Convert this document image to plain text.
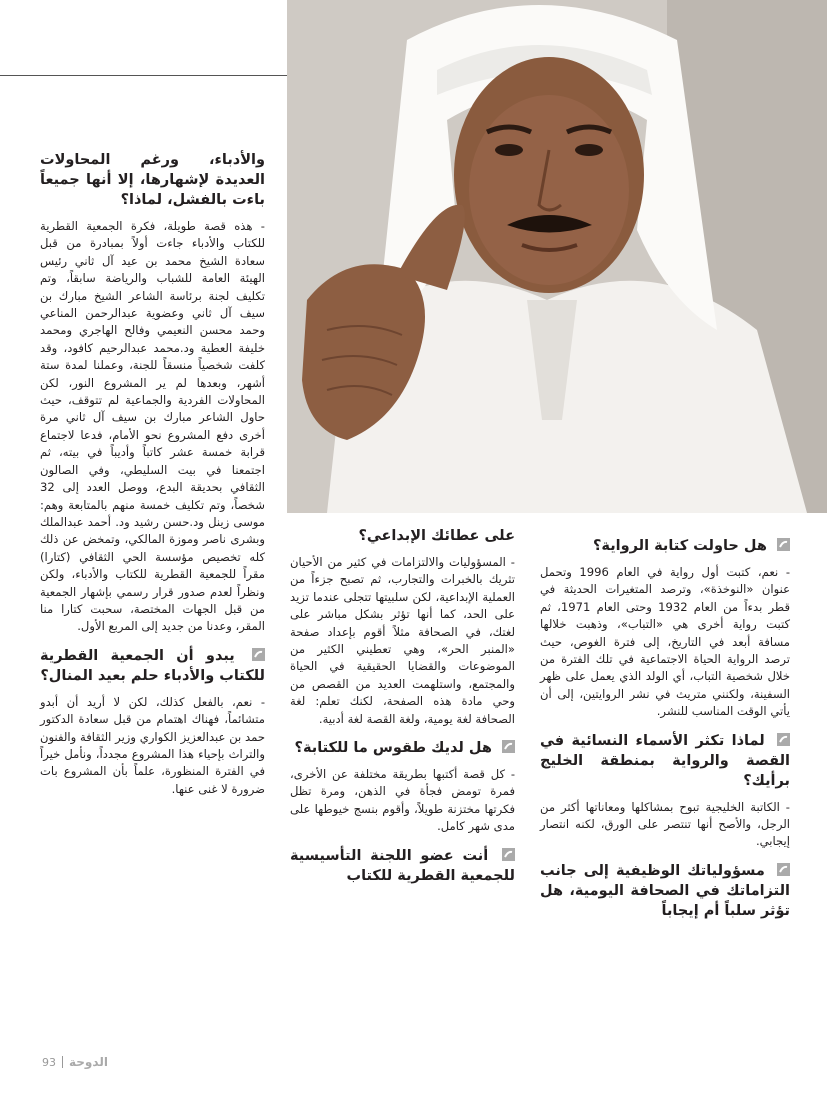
هل حاولت كتابة الرواية؟

- نعم، كتبت أول رواية في العام 1996 وتحمل عنوان «النوخذة»، وترصد المتغيرات الحديثة في قطر بدءاً من العام 1932 وحتى العام 1971، ثم كتبت رواية أخرى هي «التباب»، وذهبت خلالها مسافة أبعد في التاريخ، إلى فترة الغوص، حيث ترصد الرواية الحياة الاجتماعية في تلك الفترة من خلال شخصية التباب، أي الولد الذي يعمل على ظهر السفينة، ولكنني متريث في نشر الروايتين، إلى أن يأتي الوقت المناسب للنشر.

لماذا تكثر الأسماء النسائية في القصة والرواية بمنطقة الخليج برأيك؟

- الكاتبة الخليجية تبوح بمشاكلها ومعاناتها أكثر من الرجل، والأصح أنها تنتصر على الورق، لكنه انتصار إيجابي.

مسؤولياتك الوظيفية إلى جانب التزاماتك في الصحافة اليومية، هل تؤثر سلباً أم إيجاباً
على عطائك الإبداعي؟

- المسؤوليات والالتزامات في كثير من الأحيان تثريك بالخبرات والتجارب، ثم تصبح جزءاً من العملية الإبداعية، لكن سلبيتها تتجلى عندما تزيد على الحد، كما أنها تؤثر بشكل مباشر على لغتك، في الصحافة مثلاً أقوم بإعداد صفحة «المنبر الحر»، وهي تعطيني الكثير من الموضوعات والقضايا الحقيقية في الحياة والمجتمع، واستلهمت العديد من القصص من وحي مادة هذه الصفحة، لكنك تعلم: لغة الصحافة لغة يومية، ولغة القصة لغة أدبية.

هل لديك طقوس ما للكتابة؟

- كل قصة أكتبها بطريقة مختلفة عن الأخرى، فمرة تومض فجأة في الذهن، ومرة تظل فكرتها مختزنة طويلاً، وأقوم بنسج خيوطها على مدى شهر كامل.

أنت عضو اللجنة التأسيسية للجمعية القطرية للكتاب
والأدباء، ورغم المحاولات العديدة لإشهارها، إلا أنها جميعاً باءت بالفشل، لماذا؟

- هذه قصة طويلة، فكرة الجمعية القطرية للكتاب والأدباء جاءت أولاً بمبادرة من قبل سعادة الشيخ محمد بن عيد آل ثاني رئيس الهيئة العامة للشباب والرياضة سابقاً، وتم تكليف لجنة برئاسة الشاعر الشيخ مبارك بن سيف آل ثاني وعضوية عبدالرحمن المناعي وحمد محسن النعيمي وفالح الهاجري ومحمد خليفة العطية ود.محمد عبدالرحيم كافود، وقد كلفت شخصياً منسقاً للجنة، وعملنا لمدة ستة أشهر، وبعدها لم ير المشروع النور، لكن المحاولات الفردية والجماعية لم تتوقف، حيث حاول الشاعر مبارك بن سيف آل ثاني مرة أخرى دفع المشروع نحو الأمام، فدعا لاجتماع قرابة خمسة عشر كاتباً وأديباً في بيته، ثم اجتمعنا في بيت السليطي، وفي الصالون الثقافي بحديقة البدع، ووصل العدد إلى 32 شخصاً، وتم تكليف خمسة منهم بالمتابعة وهم: موسى زينل ود.حسن رشيد ود. أحمد عبدالملك وبشرى ناصر وموزة المالكي، وتمخض عن ذلك كله تخصيص مؤسسة الحي الثقافي (كتارا) مقراً للجمعية القطرية للكتاب والأدباء، ولكن ونظراً لعدم صدور قرار رسمي بإشهار الجمعية من قبل الجهات المختصة، سحبت كتارا منا المقر، وعدنا من جديد إلى المربع الأول.

يبدو أن الجمعية القطرية للكتاب والأدباء حلم بعيد المنال؟

- نعم، بالفعل كذلك، لكن لا أريد أن أبدو متشائماً، فهناك اهتمام من قبل سعادة الدكتور حمد بن عبدالعزيز الكواري وزير الثقافة والفنون والتراث بإحياء هذا المشروع مجدداً، ونأمل خيراً في الفترة المنظورة، علماً بأن المشروع بات ضرورة لا غنى عنها.

93 الدوحة
